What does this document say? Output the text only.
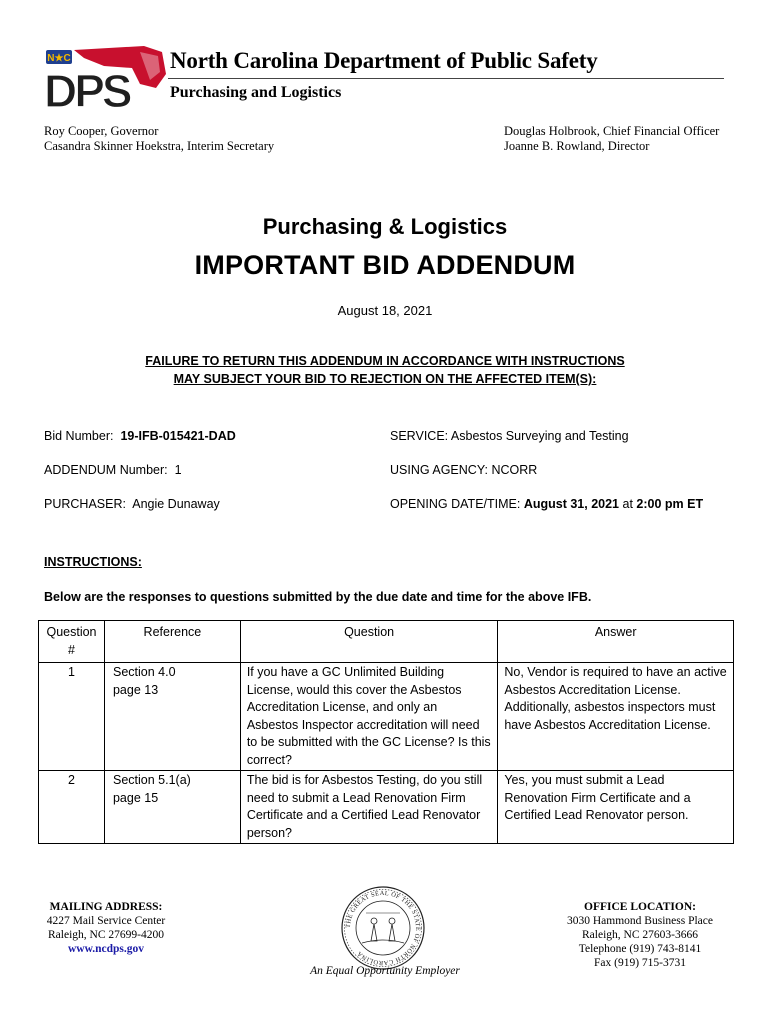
N★C
DPS
North Carolina Department of Public Safety
Purchasing and Logistics
Roy Cooper, Governor
Casandra Skinner Hoekstra, Interim Secretary
Douglas Holbrook, Chief Financial Officer
Joanne B. Rowland, Director
Purchasing & Logistics
IMPORTANT BID ADDENDUM
August 18, 2021
FAILURE TO RETURN THIS ADDENDUM IN ACCORDANCE WITH INSTRUCTIONS
MAY SUBJECT YOUR BID TO REJECTION ON THE AFFECTED ITEM(S):
Bid Number: 19-IFB-015421-DAD	SERVICE: Asbestos Surveying and Testing
ADDENDUM Number: 1	USING AGENCY: NCORR
PURCHASER: Angie Dunaway	OPENING DATE/TIME: August 31, 2021 at 2:00 pm ET
INSTRUCTIONS:
Below are the responses to questions submitted by the due date and time for the above IFB.
Question
#	Reference	Question	Answer
1	Section 4.0
page 13	If you have a GC Unlimited Building License, would this cover the Asbestos Accreditation License, and only an Asbestos Inspector accreditation will need to be submitted with the GC License? Is this correct?	No, Vendor is required to have an active Asbestos Accreditation License. Additionally, asbestos inspectors must have Asbestos Accreditation License.
2	Section 5.1(a)
page 15	The bid is for Asbestos Testing, do you still need to submit a Lead Renovation Firm Certificate and a Certified Lead Renovator person?	Yes, you must submit a Lead Renovation Firm Certificate and a Certified Lead Renovator person.
MAILING ADDRESS:
4227 Mail Service Center
Raleigh, NC 27699-4200
www.ncdps.gov
THE GREAT SEAL OF THE STATE OF NORTH CAROLINA
An Equal Opportunity Employer
OFFICE LOCATION:
3030 Hammond Business Place
Raleigh, NC 27603-3666
Telephone (919) 743-8141
Fax (919) 715-3731
